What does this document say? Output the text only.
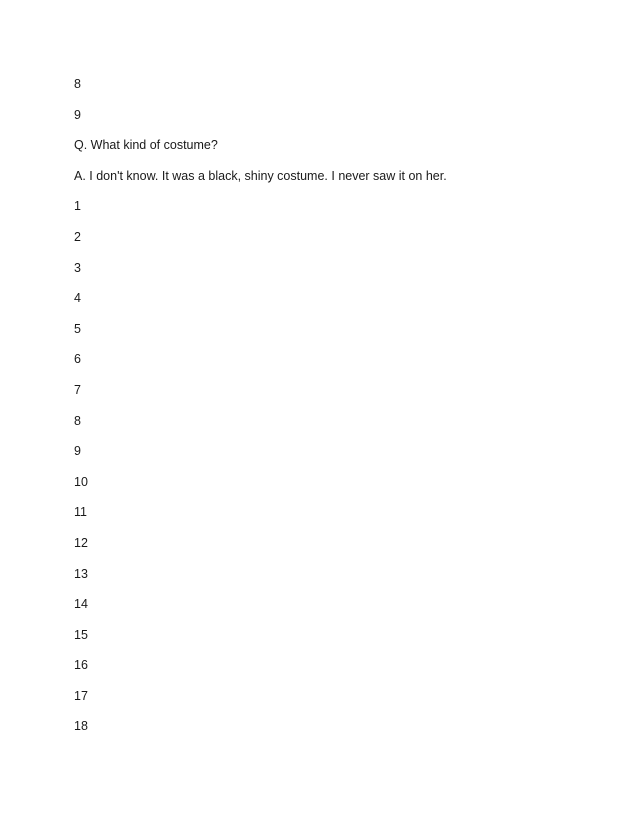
8
9
Q. What kind of costume?
A. I don't know. It was a black, shiny costume. I never saw it on her.
1
2
3
4
5
6
7
8
9
10
11
12
13
14
15
16
17
18
